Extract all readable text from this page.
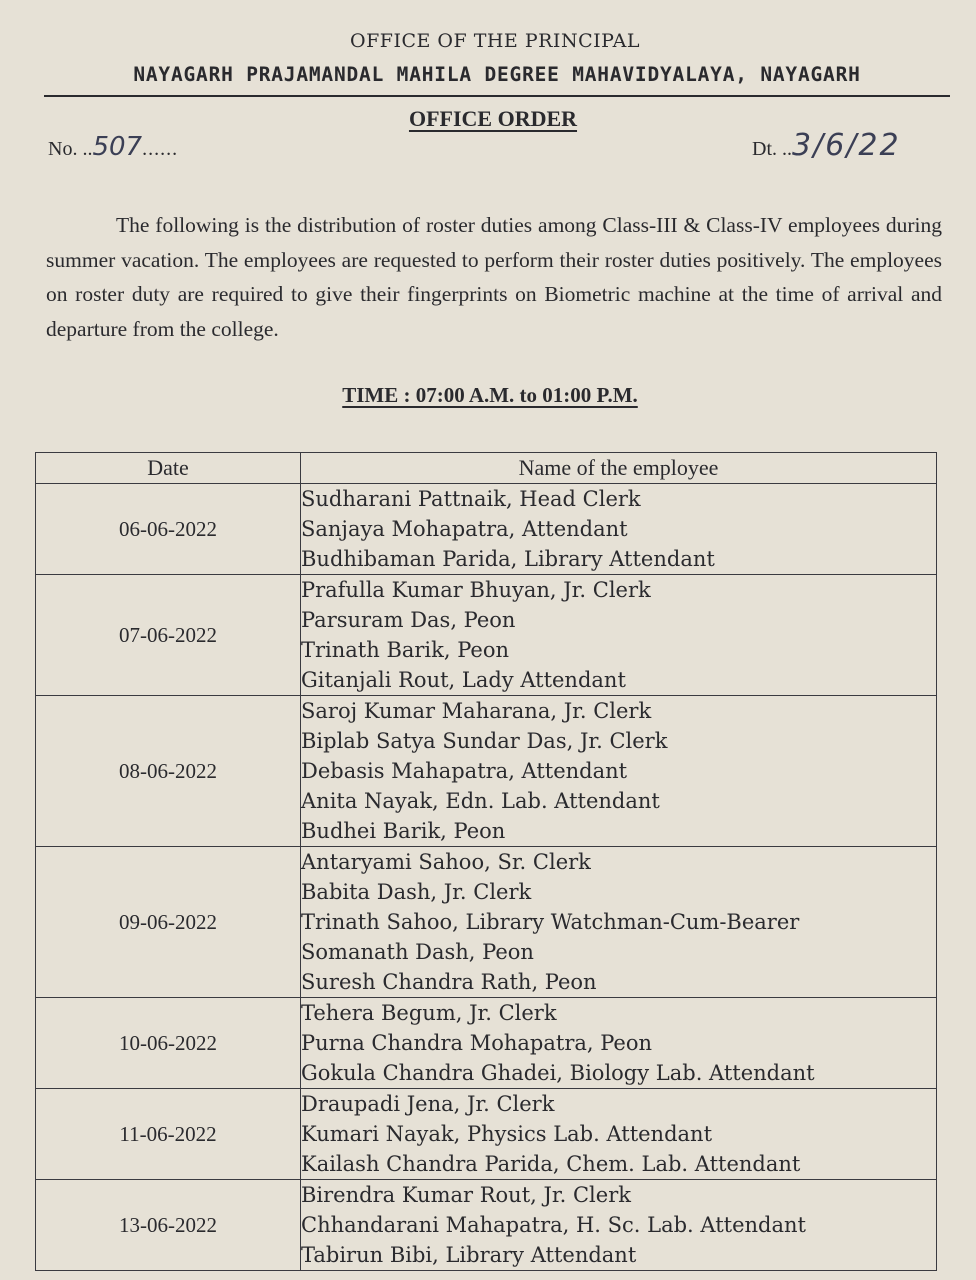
OFFICE OF THE PRINCIPAL
NAYAGARH PRAJAMANDAL MAHILA DEGREE MAHAVIDYALAYA, NAYAGARH
OFFICE ORDER
No. ..507......	Dt. ..3/6/22
The following is the distribution of roster duties among Class-III & Class-IV employees during summer vacation. The employees are requested to perform their roster duties positively. The employees on roster duty are required to give their fingerprints on Biometric machine at the time of arrival and departure from the college.
TIME : 07:00 A.M. to 01:00 P.M.
Date	Name of the employee
06-06-2022	Sudharani Pattnaik, Head Clerk
Sanjaya Mohapatra, Attendant
Budhibaman Parida, Library Attendant

07-06-2022	Prafulla Kumar Bhuyan, Jr. Clerk
Parsuram Das, Peon
Trinath Barik, Peon
Gitanjali Rout, Lady Attendant

08-06-2022	Saroj Kumar Maharana, Jr. Clerk
Biplab Satya Sundar Das, Jr. Clerk
Debasis Mahapatra, Attendant
Anita Nayak, Edn. Lab. Attendant
Budhei Barik, Peon

09-06-2022	Antaryami Sahoo, Sr. Clerk
Babita Dash, Jr. Clerk
Trinath Sahoo, Library Watchman-Cum-Bearer
Somanath Dash, Peon
Suresh Chandra Rath, Peon

10-06-2022	Tehera Begum, Jr. Clerk
Purna Chandra Mohapatra, Peon
Gokula Chandra Ghadei, Biology Lab. Attendant

11-06-2022	Draupadi Jena, Jr. Clerk
Kumari Nayak, Physics Lab. Attendant
Kailash Chandra Parida, Chem. Lab. Attendant

13-06-2022	Birendra Kumar Rout, Jr. Clerk
Chhandarani Mahapatra, H. Sc. Lab. Attendant
Tabirun Bibi, Library Attendant
